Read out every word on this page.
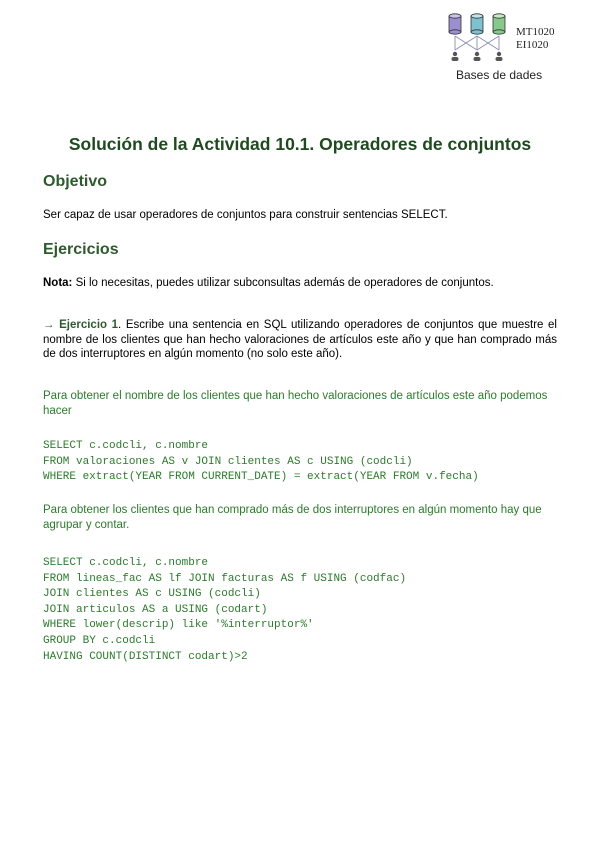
MT1020
EI1020
Bases de dades
Solución de la Actividad 10.1. Operadores de conjuntos
Objetivo

Ser capaz de usar operadores de conjuntos para construir sentencias SELECT.

Ejercicios

Nota: Si lo necesitas, puedes utilizar subconsultas además de operadores de conjuntos.

→ Ejercicio 1. Escribe una sentencia en SQL utilizando operadores de conjuntos que muestre el nombre de los clientes que han hecho valoraciones de artículos este año y que han comprado más de dos interruptores en algún momento (no solo este año).

Para obtener el nombre de los clientes que han hecho valoraciones de artículos este año podemos hacer

SELECT c.codcli, c.nombre
FROM valoraciones AS v JOIN clientes AS c USING (codcli)
WHERE extract(YEAR FROM CURRENT_DATE) = extract(YEAR FROM v.fecha)

Para obtener los clientes que han comprado más de dos interruptores en algún momento hay que agrupar y contar.

SELECT c.codcli, c.nombre
FROM lineas_fac AS lf JOIN facturas AS f USING (codfac)
JOIN clientes AS c USING (codcli)
JOIN articulos AS a USING (codart)
WHERE lower(descrip) like '%interruptor%'
GROUP BY c.codcli
HAVING COUNT(DISTINCT codart)>2
